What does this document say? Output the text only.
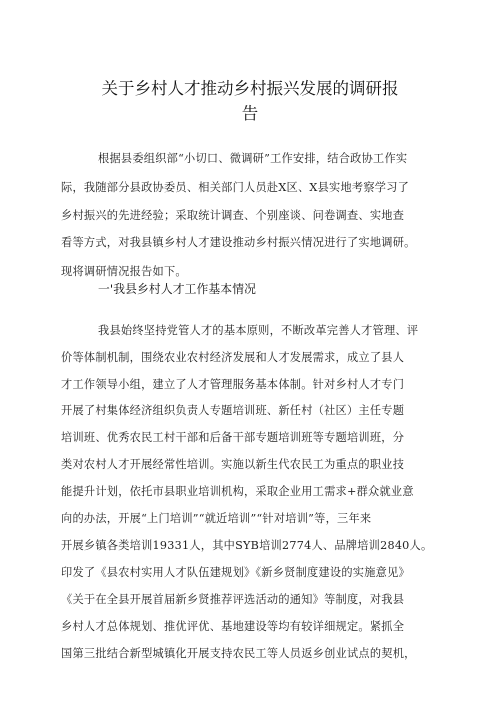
关于乡村人才推动乡村振兴发展的调研报
告
根据县委组织部“小切口、微调研”工作安排，结合政协工作实
际，我随部分县政协委员、相关部门人员赴X区、X县实地考察学习了
乡村振兴的先进经验；采取统计调查、个别座谈、问卷调查、实地查
看等方式，对我县镇乡村人才建设推动乡村振兴情况进行了实地调研。
现将调研情况报告如下。
一'我县乡村人才工作基本情况
我县始终坚持党管人才的基本原则，不断改革完善人才管理、评
价等体制机制，围绕农业农村经济发展和人才发展需求，成立了县人
才工作领导小组，建立了人才管理服务基本体制。针对乡村人才专门
开展了村集体经济组织负责人专题培训班、新任村（社区）主任专题
培训班、优秀农民工村干部和后备干部专题培训班等专题培训班，分
类对农村人才开展经常性培训。实施以新生代农民工为重点的职业技
能提升计划，依托市县职业培训机构，采取企业用工需求+群众就业意
向的办法，开展“上门培训”“就近培训”“针对培训”等，三年来
开展乡镇各类培训19331人，其中SYB培训2774人、品牌培训2840人。
印发了《县农村实用人才队伍建规划》《新乡贤制度建设的实施意见》
《关于在全县开展首届新乡贤推荐评选活动的通知》等制度，对我县
乡村人才总体规划、推优评优、基地建设等均有较详细规定。紧抓全
国第三批结合新型城镇化开展支持农民工等人员返乡创业试点的契机，
